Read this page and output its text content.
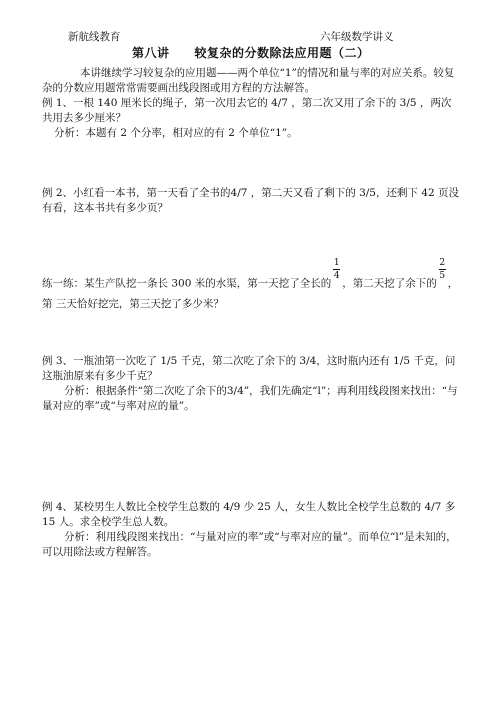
新航线教育	六年级数学讲义
第八讲　　较复杂的分数除法应用题（二）

本讲继续学习较复杂的应用题——两个单位“1”的情况和量与率的对应关系。较复杂的分数应用题常常需要画出线段图或用方程的方法解答。

例 1、一根 140 厘米长的绳子，第一次用去它的 4/7 ，第二次又用了余下的 3/5 ，两次共用去多少厘米？

分析：本题有 2 个分率，相对应的有 2 个单位“1”。

例 2、小红看一本书，第一天看了全书的4/7 ，第二天又看了剩下的 3/5，还剩下 42 页没有看，这本书共有多少页？

练一练：某生产队挖一条长 300 米的水渠，第一天挖了全长的
$\frac{1}{4}$
，第二天挖了余下的
$\frac{2}{5}$
，
第 三天恰好挖完，第三天挖了多少米？

例 3、一瓶油第一次吃了 1/5 千克，第二次吃了余下的 3/4，这时瓶内还有 1/5 千克，问这瓶油原来有多少千克？

分析：根据条件“第二次吃了余下的3/4”，我们先确定“l”；再利用线段图来找出：“与量对应的率”或“与率对应的量”。

例 4、某校男生人数比全校学生总数的 4/9 少 25 人，女生人数比全校学生总数的 4/7 多 15 人。求全校学生总人数。

分析：利用线段图来找出：“与量对应的率”或“与率对应的量”。而单位“l”是未知的，可以用除法或方程解答。
